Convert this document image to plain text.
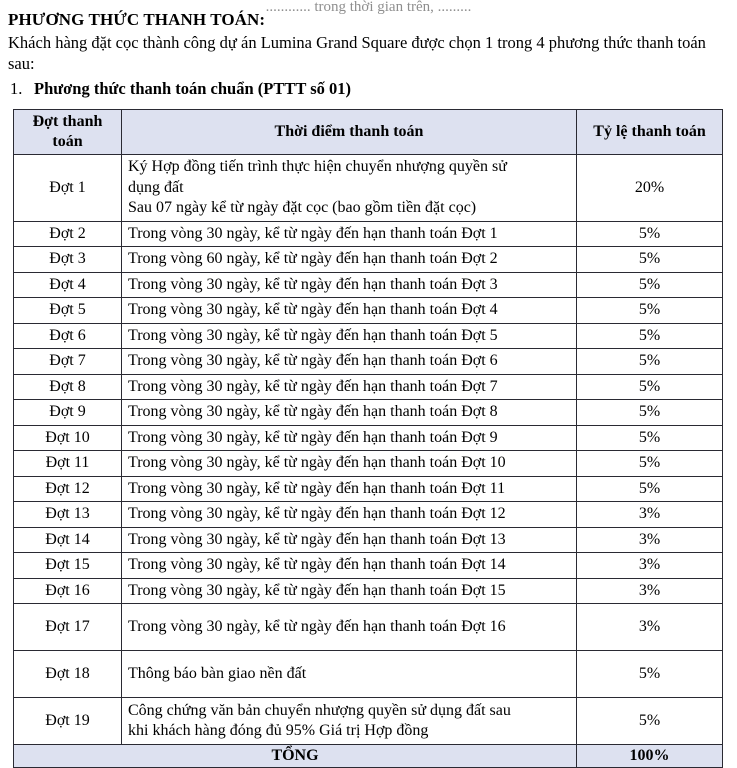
............ trong thời gian trên, .........
PHƯƠNG THỨC THANH TOÁN:
Khách hàng đặt cọc thành công dự án Lumina Grand Square được chọn 1 trong 4 phương thức thanh toán sau:
1. Phương thức thanh toán chuẩn (PTTT số 01)
Đợt thanh toán	Thời điểm thanh toán	Tỷ lệ thanh toán
Đợt 1	Ký Hợp đồng tiến trình thực hiện chuyển nhượng quyền sử
dụng đất
Sau 07 ngày kể từ ngày đặt cọc (bao gồm tiền đặt cọc)	20%
Đợt 2	Trong vòng 30 ngày, kể từ ngày đến hạn thanh toán Đợt 1	5%
Đợt 3	Trong vòng 60 ngày, kể từ ngày đến hạn thanh toán Đợt 2	5%
Đợt 4	Trong vòng 30 ngày, kể từ ngày đến hạn thanh toán Đợt 3	5%
Đợt 5	Trong vòng 30 ngày, kể từ ngày đến hạn thanh toán Đợt 4	5%
Đợt 6	Trong vòng 30 ngày, kể từ ngày đến hạn thanh toán Đợt 5	5%
Đợt 7	Trong vòng 30 ngày, kể từ ngày đến hạn thanh toán Đợt 6	5%
Đợt 8	Trong vòng 30 ngày, kể từ ngày đến hạn thanh toán Đợt 7	5%
Đợt 9	Trong vòng 30 ngày, kể từ ngày đến hạn thanh toán Đợt 8	5%
Đợt 10	Trong vòng 30 ngày, kể từ ngày đến hạn thanh toán Đợt 9	5%
Đợt 11	Trong vòng 30 ngày, kể từ ngày đến hạn thanh toán Đợt 10	5%
Đợt 12	Trong vòng 30 ngày, kể từ ngày đến hạn thanh toán Đợt 11	5%
Đợt 13	Trong vòng 30 ngày, kể từ ngày đến hạn thanh toán Đợt 12	3%
Đợt 14	Trong vòng 30 ngày, kể từ ngày đến hạn thanh toán Đợt 13	3%
Đợt 15	Trong vòng 30 ngày, kể từ ngày đến hạn thanh toán Đợt 14	3%
Đợt 16	Trong vòng 30 ngày, kể từ ngày đến hạn thanh toán Đợt 15	3%
Đợt 17	Trong vòng 30 ngày, kể từ ngày đến hạn thanh toán Đợt 16	3%
Đợt 18	Thông báo bàn giao nền đất	5%
Đợt 19	Công chứng văn bản chuyển nhượng quyền sử dụng đất sau
khi khách hàng đóng đủ 95% Giá trị Hợp đồng	5%
TỔNG		100%
